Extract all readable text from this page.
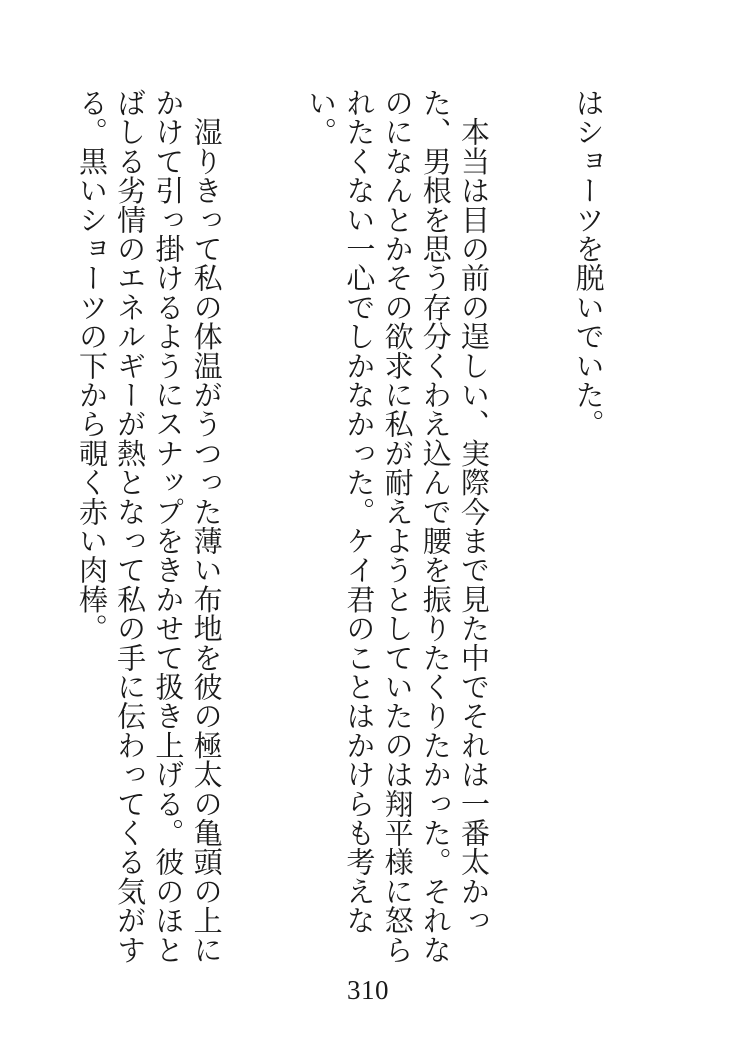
はショーツを脱いでいた。

　本当は目の前の逞しい、実際今まで見た中でそれは一番太かった、男根を思う存分くわえ込んで腰を振りたくりたかった。それなのになんとかその欲求に私が耐えようとしていたのは翔平様に怒られたくない一心でしかなかった。ケイ君のことはかけらも考えない。

　湿りきって私の体温がうつった薄い布地を彼の極太の亀頭の上にかけて引っ掛けるようにスナップをきかせて扱き上げる。彼のほとばしる劣情のエネルギーが熱となって私の手に伝わってくる気がする。黒いショーツの下から覗く赤い肉棒。

310
